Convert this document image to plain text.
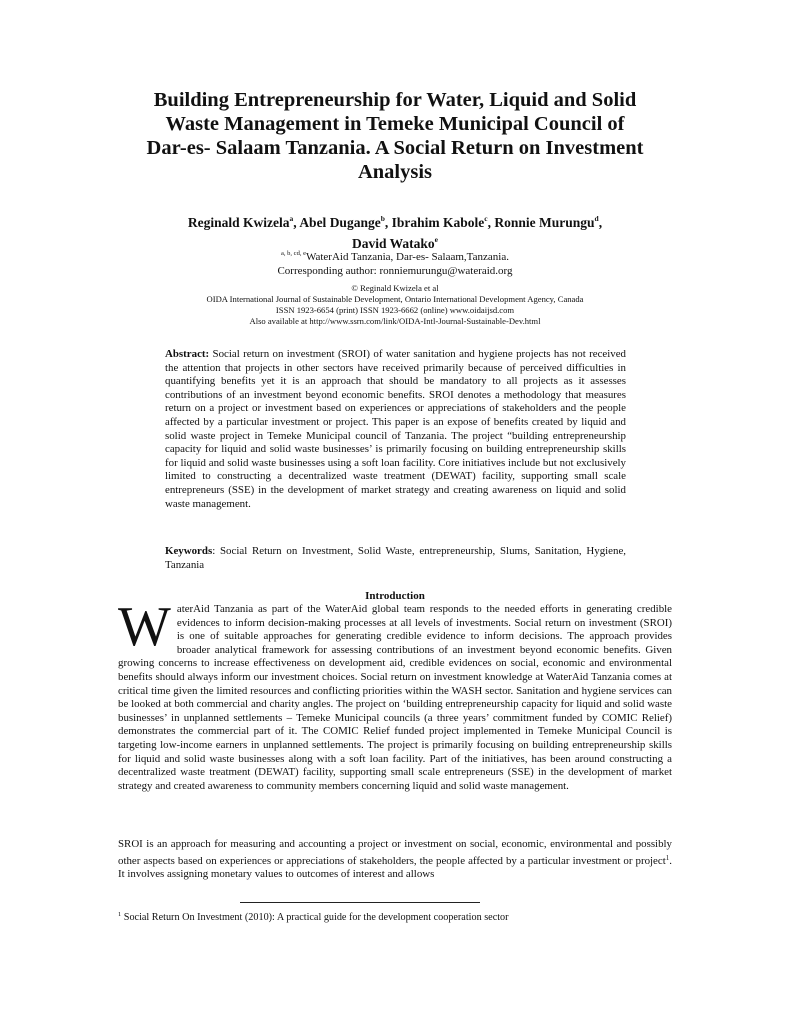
Building Entrepreneurship for Water, Liquid and Solid
Waste Management in Temeke Municipal Council of
Dar-es- Salaam Tanzania. A Social Return on Investment
Analysis
Reginald Kwizela$^a$, Abel Dugange$^b$, Ibrahim Kabole$^c$, Ronnie Murungu$^d$,
David Watako$^e$
$^{a, b, cd, e}$WaterAid Tanzania, Dar-es- Salaam,Tanzania.
Corresponding author: ronniemurungu@wateraid.org
© Reginald Kwizela et al
OIDA International Journal of Sustainable Development, Ontario International Development Agency, Canada
ISSN 1923-6654 (print) ISSN 1923-6662 (online) www.oidaijsd.com
Also available at http://www.ssrn.com/link/OIDA-Intl-Journal-Sustainable-Dev.html
Abstract: Social return on investment (SROI) of water sanitation and hygiene projects has not received the attention that projects in other sectors have received primarily because of perceived difficulties in quantifying benefits yet it is an approach that should be mandatory to all projects as it assesses contributions of an investment beyond economic benefits. SROI denotes a methodology that measures return on a project or investment based on experiences or appreciations of stakeholders and the people affected by a particular investment or project. This paper is an expose of benefits created by liquid and solid waste project in Temeke Municipal council of Tanzania. The project “building entrepreneurship capacity for liquid and solid waste businesses’ is primarily focusing on building entrepreneurship skills for liquid and solid waste businesses using a soft loan facility. Core initiatives include but not exclusively limited to constructing a decentralized waste treatment (DEWAT) facility, supporting small scale entrepreneurs (SSE) in the development of market strategy and creating awareness on liquid and solid waste management.
Keywords: Social Return on Investment, Solid Waste, entrepreneurship, Slums, Sanitation, Hygiene, Tanzania
Introduction
WaterAid Tanzania as part of the WaterAid global team responds to the needed efforts in generating credible evidences to inform decision-making processes at all levels of investments. Social return on investment (SROI) is one of suitable approaches for generating credible evidence to inform decisions. The approach provides broader analytical framework for assessing contributions of an investment beyond economic benefits. Given growing concerns to increase effectiveness on development aid, credible evidences on social, economic and environmental benefits should always inform our investment choices. Social return on investment knowledge at WaterAid Tanzania comes at critical time given the limited resources and conflicting priorities within the WASH sector. Sanitation and hygiene services can be looked at both commercial and charity angles. The project on ‘building entrepreneurship capacity for liquid and solid waste businesses’ in unplanned settlements – Temeke Municipal councils (a three years’ commitment funded by COMIC Relief) demonstrates the commercial part of it. The COMIC Relief funded project implemented in Temeke Municipal Council is targeting low-income earners in unplanned settlements. The project is primarily focusing on building entrepreneurship skills for liquid and solid waste businesses along with a soft loan facility. Part of the initiatives, has been around constructing a decentralized waste treatment (DEWAT) facility, supporting small scale entrepreneurs (SSE) in the development of market strategy and created awareness to community members concerning liquid and solid waste management.
SROI is an approach for measuring and accounting a project or investment on social, economic, environmental and possibly other aspects based on experiences or appreciations of stakeholders, the people affected by a particular investment or project$^1$. It involves assigning monetary values to outcomes of interest and allows
$^1$ Social Return On Investment (2010): A practical guide for the development cooperation sector
